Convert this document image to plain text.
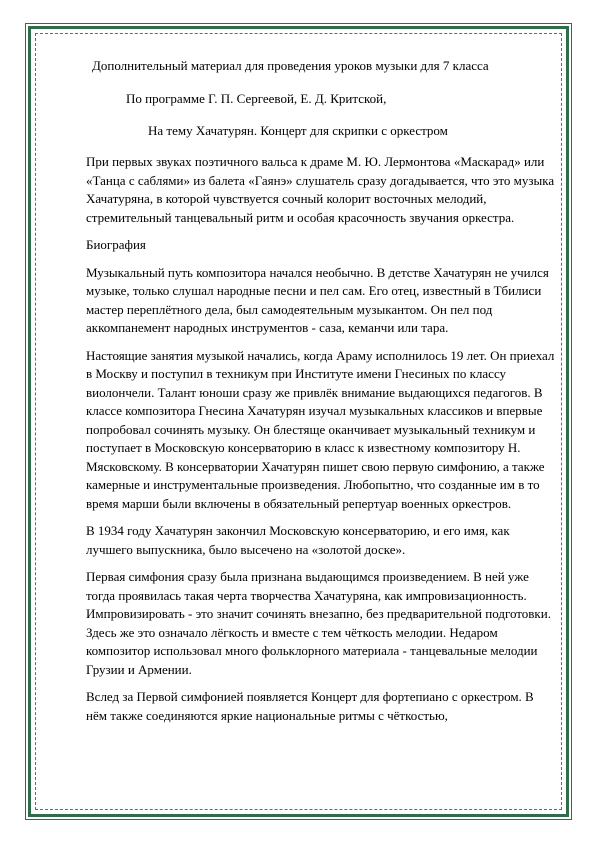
Дополнительный материал для проведения уроков музыки для 7 класса

По программе Г. П. Сергеевой, Е. Д. Критской,

На тему Хачатурян. Концерт для скрипки с оркестром

При первых звуках поэтичного вальса к драме М. Ю. Лермонтова «Маскарад» или «Танца с саблями» из балета «Гаянэ» слушатель сразу догадывается, что это музыка Хачатуряна, в которой чувствуется сочный колорит восточных мелодий, стремительный танцевальный ритм и особая красочность звучания оркестра.

Биография

Музыкальный путь композитора начался необычно. В детстве Хачатурян не учился музыке, только слушал народные песни и пел сам. Его отец, известный в Тбилиси мастер переплётного дела, был самодеятельным музыкантом. Он пел под аккомпанемент народных инструментов - саза, кеманчи или тара.

Настоящие занятия музыкой начались, когда Араму исполнилось 19 лет. Он приехал в Москву и поступил в техникум при Институте имени Гнесиных по классу виолончели. Талант юноши сразу же привлёк внимание выдающихся педагогов. В классе композитора Гнесина Хачатурян изучал музыкальных классиков и впервые попробовал сочинять музыку. Он блестяще оканчивает музыкальный техникум и поступает в Московскую консерваторию в класс к известному композитору Н. Мясковскому. В консерватории Хачатурян пишет свою первую симфонию, а также камерные и инструментальные произведения. Любопытно, что созданные им в то время марши были включены в обязательный репертуар военных оркестров.

В 1934 году Хачатурян закончил Московскую консерваторию, и его имя, как лучшего выпускника, было высечено на «золотой доске».

Первая симфония сразу была признана выдающимся произведением. В ней уже тогда проявилась такая черта творчества Хачатуряна, как импровизационность. Импровизировать - это значит сочинять внезапно, без предварительной подготовки. Здесь же это означало лёгкость и вместе с тем чёткость мелодии. Недаром композитор использовал много фольклорного материала - танцевальные мелодии Грузии и Армении.

Вслед за Первой симфонией появляется Концерт для фортепиано с оркестром. В нём также соединяются яркие национальные ритмы с чёткостью,
